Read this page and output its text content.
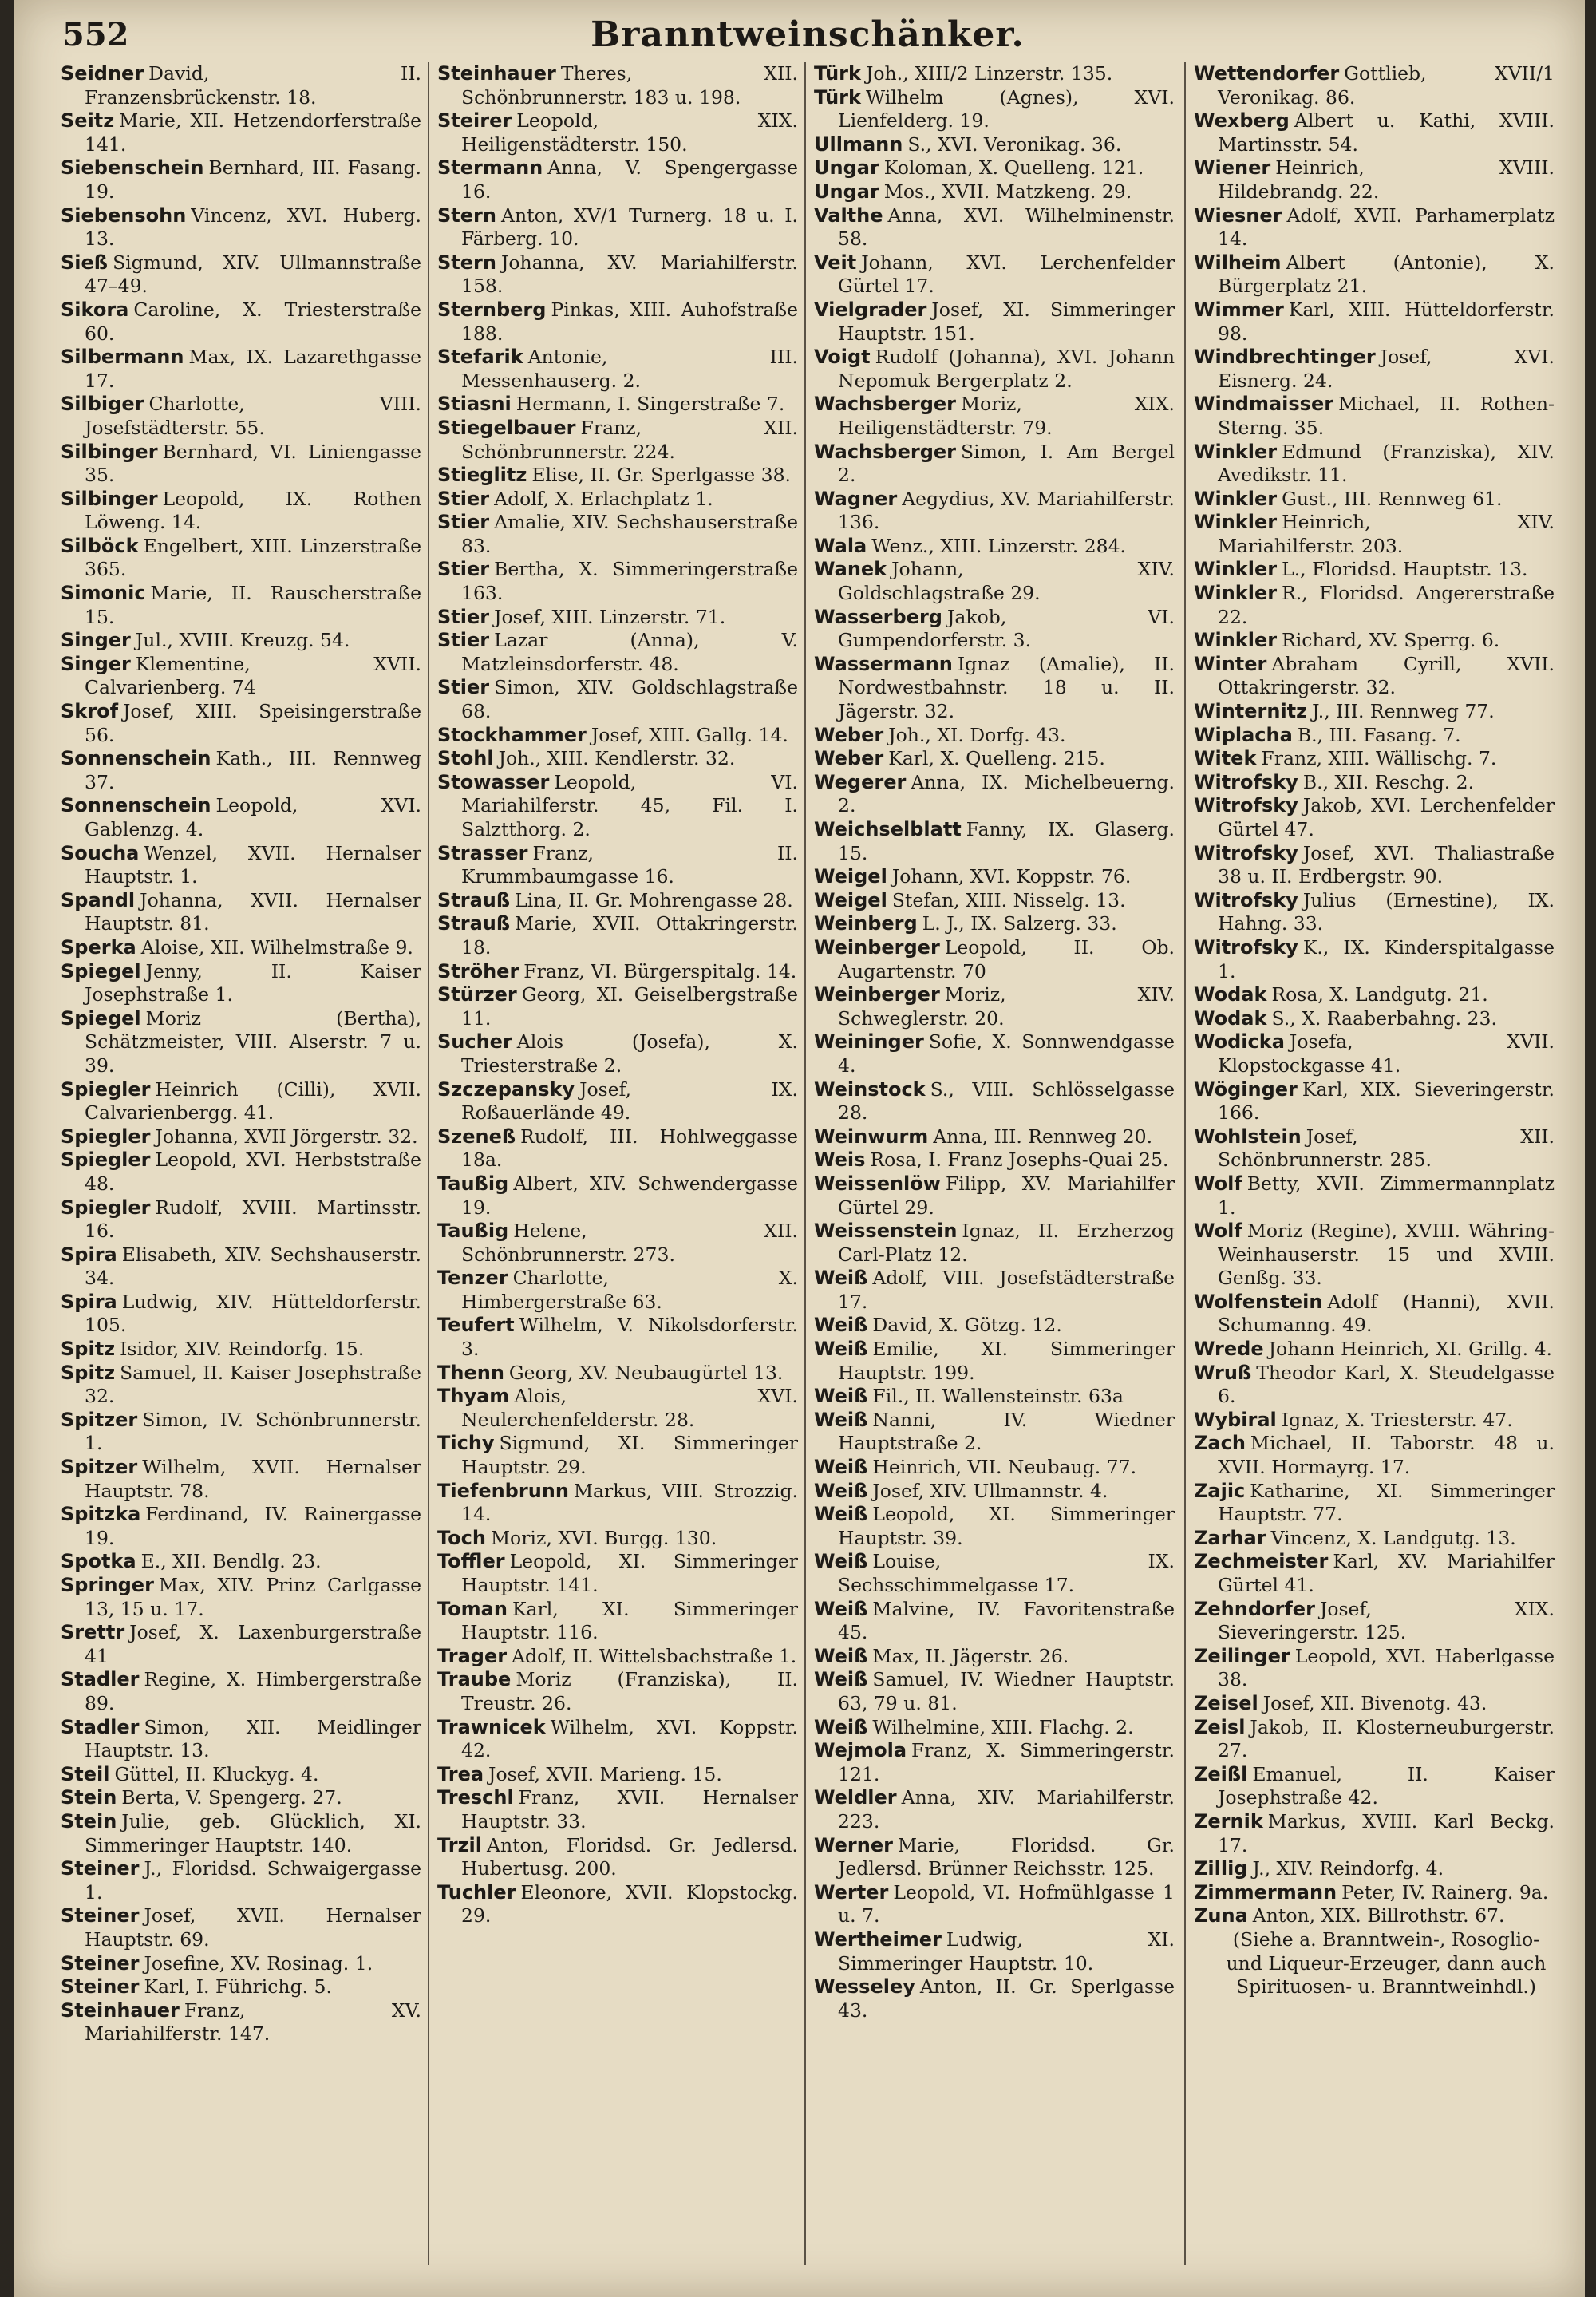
552	Branntweinschänker.
Seidner David, II. Franzensbrückenstr. 18.
Seitz Marie, XII. Hetzendorferstraße 141.
Siebenschein Bernhard, III. Fasang. 19.
Siebensohn Vincenz, XVI. Huberg. 13.
Sieß Sigmund, XIV. Ullmannstraße 47–49.
Sikora Caroline, X. Triesterstraße 60.
Silbermann Max, IX. Lazarethgasse 17.
Silbiger Charlotte, VIII. Josefstädterstr. 55.
Silbinger Bernhard, VI. Liniengasse 35.
Silbinger Leopold, IX. Rothen Löweng. 14.
Silböck Engelbert, XIII. Linzerstraße 365.
Simonic Marie, II. Rauscherstraße 15.
Singer Jul., XVIII. Kreuzg. 54.
Singer Klementine, XVII. Calvarienberg. 74
Skrof Josef, XIII. Speisingerstraße 56.
Sonnenschein Kath., III. Rennweg 37.
Sonnenschein Leopold, XVI. Gablenzg. 4.
Soucha Wenzel, XVII. Hernalser Hauptstr. 1.
Spandl Johanna, XVII. Hernalser Hauptstr. 81.
Sperka Aloise, XII. Wilhelmstraße 9.
Spiegel Jenny, II. Kaiser Josephstraße 1.
Spiegel Moriz (Bertha), Schätzmeister, VIII. Alserstr. 7 u. 39.
Spiegler Heinrich (Cilli), XVII. Calvarienbergg. 41.
Spiegler Johanna, XVII Jörgerstr. 32.
Spiegler Leopold, XVI. Herbststraße 48.
Spiegler Rudolf, XVIII. Martinsstr. 16.
Spira Elisabeth, XIV. Sechshauserstr. 34.
Spira Ludwig, XIV. Hütteldorferstr. 105.
Spitz Isidor, XIV. Reindorfg. 15.
Spitz Samuel, II. Kaiser Josephstraße 32.
Spitzer Simon, IV. Schönbrunnerstr. 1.
Spitzer Wilhelm, XVII. Hernalser Hauptstr. 78.
Spitzka Ferdinand, IV. Rainergasse 19.
Spotka E., XII. Bendlg. 23.
Springer Max, XIV. Prinz Carlgasse 13, 15 u. 17.
Srettr Josef, X. Laxenburgerstraße 41
Stadler Regine, X. Himbergerstraße 89.
Stadler Simon, XII. Meidlinger Hauptstr. 13.
Steil Güttel, II. Kluckyg. 4.
Stein Berta, V. Spengerg. 27.
Stein Julie, geb. Glücklich, XI. Simmeringer Hauptstr. 140.
Steiner J., Floridsd. Schwaigergasse 1.
Steiner Josef, XVII. Hernalser Hauptstr. 69.
Steiner Josefine, XV. Rosinag. 1.
Steiner Karl, I. Führichg. 5.
Steinhauer Franz, XV. Mariahilferstr. 147.
Steinhauer Theres, XII. Schönbrunnerstr. 183 u. 198.
Steirer Leopold, XIX. Heiligenstädterstr. 150.
Stermann Anna, V. Spengergasse 16.
Stern Anton, XV/1 Turnerg. 18 u. I. Färberg. 10.
Stern Johanna, XV. Mariahilferstr. 158.
Sternberg Pinkas, XIII. Auhofstraße 188.
Stefarik Antonie, III. Messenhauserg. 2.
Stiasni Hermann, I. Singerstraße 7.
Stiegelbauer Franz, XII. Schönbrunnerstr. 224.
Stieglitz Elise, II. Gr. Sperlgasse 38.
Stier Adolf, X. Erlachplatz 1.
Stier Amalie, XIV. Sechshauserstraße 83.
Stier Bertha, X. Simmeringerstraße 163.
Stier Josef, XIII. Linzerstr. 71.
Stier Lazar (Anna), V. Matzleinsdorferstr. 48.
Stier Simon, XIV. Goldschlagstraße 68.
Stockhammer Josef, XIII. Gallg. 14.
Stohl Joh., XIII. Kendlerstr. 32.
Stowasser Leopold, VI. Mariahilferstr. 45, Fil. I. Salztthorg. 2.
Strasser Franz, II. Krummbaumgasse 16.
Strauß Lina, II. Gr. Mohrengasse 28.
Strauß Marie, XVII. Ottakringerstr. 18.
Ströher Franz, VI. Bürgerspitalg. 14.
Stürzer Georg, XI. Geiselbergstraße 11.
Sucher Alois (Josefa), X. Triesterstraße 2.
Szczepansky Josef, IX. Roßauerlände 49.
Szeneß Rudolf, III. Hohlweggasse 18a.
Taußig Albert, XIV. Schwendergasse 19.
Taußig Helene, XII. Schönbrunnerstr. 273.
Tenzer Charlotte, X. Himbergerstraße 63.
Teufert Wilhelm, V. Nikolsdorferstr. 3.
Thenn Georg, XV. Neubaugürtel 13.
Thyam Alois, XVI. Neulerchenfelderstr. 28.
Tichy Sigmund, XI. Simmeringer Hauptstr. 29.
Tiefenbrunn Markus, VIII. Strozzig. 14.
Toch Moriz, XVI. Burgg. 130.
Toffler Leopold, XI. Simmeringer Hauptstr. 141.
Toman Karl, XI. Simmeringer Hauptstr. 116.
Trager Adolf, II. Wittelsbachstraße 1.
Traube Moriz (Franziska), II. Treustr. 26.
Trawnicek Wilhelm, XVI. Koppstr. 42.
Trea Josef, XVII. Marieng. 15.
Treschl Franz, XVII. Hernalser Hauptstr. 33.
Trzil Anton, Floridsd. Gr. Jedlersd. Hubertusg. 200.
Tuchler Eleonore, XVII. Klopstockg. 29.
Türk Joh., XIII/2 Linzerstr. 135.
Türk Wilhelm (Agnes), XVI. Lienfelderg. 19.
Ullmann S., XVI. Veronikag. 36.
Ungar Koloman, X. Quelleng. 121.
Ungar Mos., XVII. Matzkeng. 29.
Valthe Anna, XVI. Wilhelminenstr. 58.
Veit Johann, XVI. Lerchenfelder Gürtel 17.
Vielgrader Josef, XI. Simmeringer Hauptstr. 151.
Voigt Rudolf (Johanna), XVI. Johann Nepomuk Bergerplatz 2.
Wachsberger Moriz, XIX. Heiligenstädterstr. 79.
Wachsberger Simon, I. Am Bergel 2.
Wagner Aegydius, XV. Mariahilferstr. 136.
Wala Wenz., XIII. Linzerstr. 284.
Wanek Johann, XIV. Goldschlagstraße 29.
Wasserberg Jakob, VI. Gumpendorferstr. 3.
Wassermann Ignaz (Amalie), II. Nordwestbahnstr. 18 u. II. Jägerstr. 32.
Weber Joh., XI. Dorfg. 43.
Weber Karl, X. Quelleng. 215.
Wegerer Anna, IX. Michelbeuerng. 2.
Weichselblatt Fanny, IX. Glaserg. 15.
Weigel Johann, XVI. Koppstr. 76.
Weigel Stefan, XIII. Nisselg. 13.
Weinberg L. J., IX. Salzerg. 33.
Weinberger Leopold, II. Ob. Augartenstr. 70
Weinberger Moriz, XIV. Schweglerstr. 20.
Weininger Sofie, X. Sonnwendgasse 4.
Weinstock S., VIII. Schlösselgasse 28.
Weinwurm Anna, III. Rennweg 20.
Weis Rosa, I. Franz Josephs-Quai 25.
Weissenlöw Filipp, XV. Mariahilfer Gürtel 29.
Weissenstein Ignaz, II. Erzherzog Carl-Platz 12.
Weiß Adolf, VIII. Josefstädterstraße 17.
Weiß David, X. Götzg. 12.
Weiß Emilie, XI. Simmeringer Hauptstr. 199.
Weiß Fil., II. Wallensteinstr. 63a
Weiß Nanni, IV. Wiedner Hauptstraße 2.
Weiß Heinrich, VII. Neubaug. 77.
Weiß Josef, XIV. Ullmannstr. 4.
Weiß Leopold, XI. Simmeringer Hauptstr. 39.
Weiß Louise, IX. Sechsschimmelgasse 17.
Weiß Malvine, IV. Favoritenstraße 45.
Weiß Max, II. Jägerstr. 26.
Weiß Samuel, IV. Wiedner Hauptstr. 63, 79 u. 81.
Weiß Wilhelmine, XIII. Flachg. 2.
Wejmola Franz, X. Simmeringerstr. 121.
Weldler Anna, XIV. Mariahilferstr. 223.
Werner Marie, Floridsd. Gr. Jedlersd. Brünner Reichsstr. 125.
Werter Leopold, VI. Hofmühlgasse 1 u. 7.
Wertheimer Ludwig, XI. Simmeringer Hauptstr. 10.
Wesseley Anton, II. Gr. Sperlgasse 43.
Wettendorfer Gottlieb, XVII/1 Veronikag. 86.
Wexberg Albert u. Kathi, XVIII. Martinsstr. 54.
Wiener Heinrich, XVIII. Hildebrandg. 22.
Wiesner Adolf, XVII. Parhamerplatz 14.
Wilheim Albert (Antonie), X. Bürgerplatz 21.
Wimmer Karl, XIII. Hütteldorferstr. 98.
Windbrechtinger Josef, XVI. Eisnerg. 24.
Windmaisser Michael, II. Rothen-Sterng. 35.
Winkler Edmund (Franziska), XIV. Avedikstr. 11.
Winkler Gust., III. Rennweg 61.
Winkler Heinrich, XIV. Mariahilferstr. 203.
Winkler L., Floridsd. Hauptstr. 13.
Winkler R., Floridsd. Angererstraße 22.
Winkler Richard, XV. Sperrg. 6.
Winter Abraham Cyrill, XVII. Ottakringerstr. 32.
Winternitz J., III. Rennweg 77.
Wiplacha B., III. Fasang. 7.
Witek Franz, XIII. Wällischg. 7.
Witrofsky B., XII. Reschg. 2.
Witrofsky Jakob, XVI. Lerchenfelder Gürtel 47.
Witrofsky Josef, XVI. Thaliastraße 38 u. II. Erdbergstr. 90.
Witrofsky Julius (Ernestine), IX. Hahng. 33.
Witrofsky K., IX. Kinderspitalgasse 1.
Wodak Rosa, X. Landgutg. 21.
Wodak S., X. Raaberbahng. 23.
Wodicka Josefa, XVII. Klopstockgasse 41.
Wöginger Karl, XIX. Sieveringerstr. 166.
Wohlstein Josef, XII. Schönbrunnerstr. 285.
Wolf Betty, XVII. Zimmermannplatz 1.
Wolf Moriz (Regine), XVIII. Währing-Weinhauserstr. 15 und XVIII. Genßg. 33.
Wolfenstein Adolf (Hanni), XVII. Schumanng. 49.
Wrede Johann Heinrich, XI. Grillg. 4.
Wruß Theodor Karl, X. Steudelgasse 6.
Wybiral Ignaz, X. Triesterstr. 47.
Zach Michael, II. Taborstr. 48 u. XVII. Hormayrg. 17.
Zajic Katharine, XI. Simmeringer Hauptstr. 77.
Zarhar Vincenz, X. Landgutg. 13.
Zechmeister Karl, XV. Mariahilfer Gürtel 41.
Zehndorfer Josef, XIX. Sieveringerstr. 125.
Zeilinger Leopold, XVI. Haberlgasse 38.
Zeisel Josef, XII. Bivenotg. 43.
Zeisl Jakob, II. Klosterneuburgerstr. 27.
Zeißl Emanuel, II. Kaiser Josephstraße 42.
Zernik Markus, XVIII. Karl Beckg. 17.
Zillig J., XIV. Reindorfg. 4.
Zimmermann Peter, IV. Rainerg. 9a.
Zuna Anton, XIX. Billrothstr. 67.
(Siehe a. Branntwein-, Rosoglio- und Liqueur-Erzeuger, dann auch Spirituosen- u. Branntweinhdl.)
